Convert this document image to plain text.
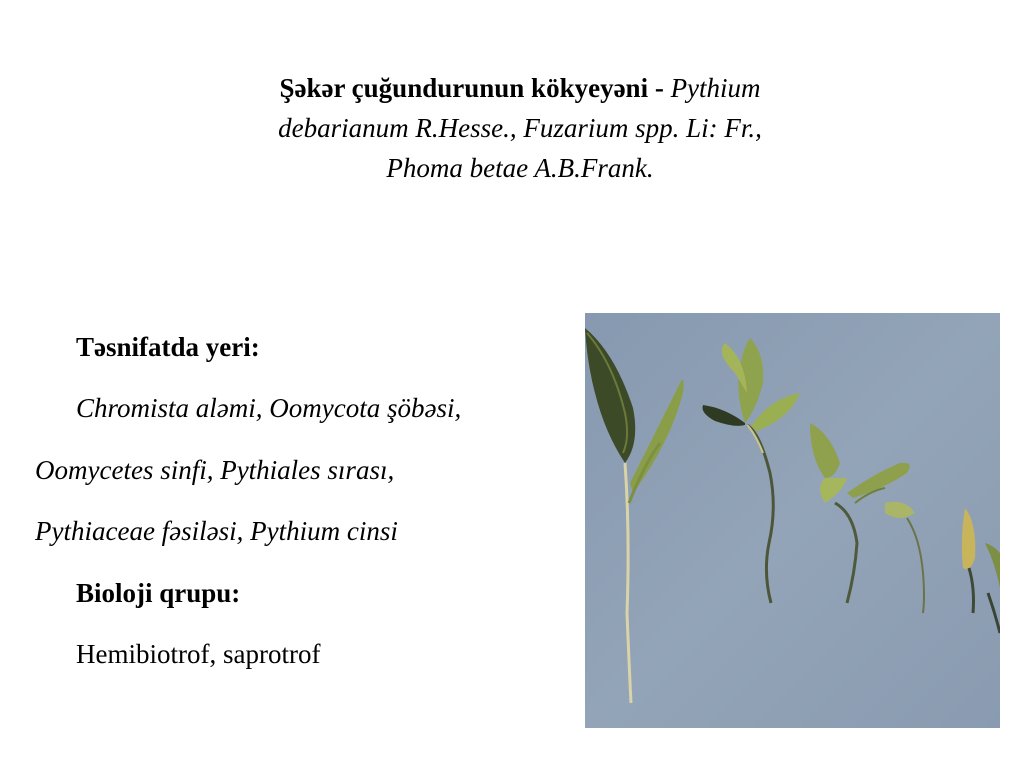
Şəkər çuğundurunun kökyeyəni - Pythium
debarianum R.Hesse., Fuzarium spp. Li: Fr.,
Phoma betae A.B.Frank.
Təsnifatda yeri:
Chromista aləmi, Oomycota şöbəsi,
Oomycetes sinfi, Pythiales sırası,
Pythiaceae fəsiləsi, Pythium cinsi
Bioloji qrupu:
Hemibiotrof, saprotrof
